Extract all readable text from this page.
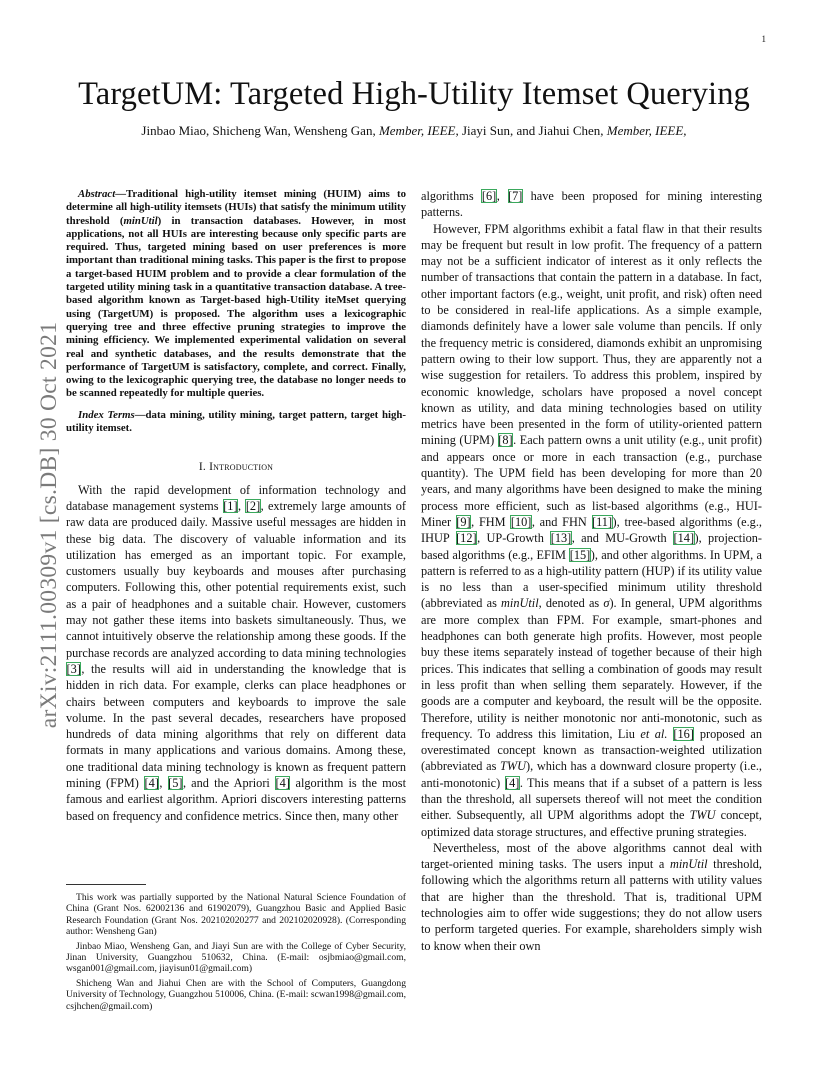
1
arXiv:2111.00309v1 [cs.DB] 30 Oct 2021
TargetUM: Targeted High-Utility Itemset Querying
Jinbao Miao, Shicheng Wan, Wensheng Gan, Member, IEEE, Jiayi Sun, and Jiahui Chen, Member, IEEE,

Abstract—Traditional high-utility itemset mining (HUIM) aims to determine all high-utility itemsets (HUIs) that satisfy the minimum utility threshold (minUtil) in transaction databases. However, in most applications, not all HUIs are interesting because only specific parts are required. Thus, targeted mining based on user preferences is more important than traditional mining tasks. This paper is the first to propose a target-based HUIM problem and to provide a clear formulation of the targeted utility mining task in a quantitative transaction database. A tree-based algorithm known as Target-based high-Utility iteMset querying using (TargetUM) is proposed. The algorithm uses a lexicographic querying tree and three effective pruning strategies to improve the mining efficiency. We implemented experimental validation on several real and synthetic databases, and the results demonstrate that the performance of TargetUM is satisfactory, complete, and correct. Finally, owing to the lexicographic querying tree, the database no longer needs to be scanned repeatedly for multiple queries.

Index Terms—data mining, utility mining, target pattern, target high-utility itemset.

I. Introduction

With the rapid development of information technology and database management systems [1], [2], extremely large amounts of raw data are produced daily. Massive useful messages are hidden in these big data. The discovery of valuable information and its utilization has emerged as an important topic. For example, customers usually buy keyboards and mouses after purchasing computers. Following this, other potential requirements exist, such as a pair of headphones and a suitable chair. However, customers may not gather these items into baskets simultaneously. Thus, we cannot intuitively observe the relationship among these goods. If the purchase records are analyzed according to data mining technologies [3], the results will aid in understanding the knowledge that is hidden in rich data. For example, clerks can place headphones or chairs between computers and keyboards to improve the sale volume. In the past several decades, researchers have proposed hundreds of data mining algorithms that rely on different data formats in many applications and various domains. Among these, one traditional data mining technology is known as frequent pattern mining (FPM) [4], [5], and the Apriori [4] algorithm is the most famous and earliest algorithm. Apriori discovers interesting patterns based on frequency and confidence metrics. Since then, many other

This work was partially supported by the National Natural Science Foundation of China (Grant Nos. 62002136 and 61902079), Guangzhou Basic and Applied Basic Research Foundation (Grant Nos. 202102020277 and 202102020928). (Corresponding author: Wensheng Gan)

Jinbao Miao, Wensheng Gan, and Jiayi Sun are with the College of Cyber Security, Jinan University, Guangzhou 510632, China. (E-mail: osjbmiao@gmail.com, wsgan001@gmail.com, jiayisun01@gmail.com)

Shicheng Wan and Jiahui Chen are with the School of Computers, Guangdong University of Technology, Guangzhou 510006, China. (E-mail: scwan1998@gmail.com, csjhchen@gmail.com)

algorithms [6], [7] have been proposed for mining interesting patterns.

However, FPM algorithms exhibit a fatal flaw in that their results may be frequent but result in low profit. The frequency of a pattern may not be a sufficient indicator of interest as it only reflects the number of transactions that contain the pattern in a database. In fact, other important factors (e.g., weight, unit profit, and risk) often need to be considered in real-life applications. As a simple example, diamonds definitely have a lower sale volume than pencils. If only the frequency metric is considered, diamonds exhibit an unpromising pattern owing to their low support. Thus, they are apparently not a wise suggestion for retailers. To address this problem, inspired by economic knowledge, scholars have proposed a novel concept known as utility, and data mining technologies based on utility metrics have been presented in the form of utility-oriented pattern mining (UPM) [8]. Each pattern owns a unit utility (e.g., unit profit) and appears once or more in each transaction (e.g., purchase quantity). The UPM field has been developing for more than 20 years, and many algorithms have been designed to make the mining process more efficient, such as list-based algorithms (e.g., HUI-Miner [9], FHM [10], and FHN [11]), tree-based algorithms (e.g., IHUP [12], UP-Growth [13], and MU-Growth [14]), projection-based algorithms (e.g., EFIM [15]), and other algorithms. In UPM, a pattern is referred to as a high-utility pattern (HUP) if its utility value is no less than a user-specified minimum utility threshold (abbreviated as minUtil, denoted as σ). In general, UPM algorithms are more complex than FPM. For example, smart-phones and headphones can both generate high profits. However, most people buy these items separately instead of together because of their high prices. This indicates that selling a combination of goods may result in less profit than when selling them separately. However, if the goods are a computer and keyboard, the result will be the opposite. Therefore, utility is neither monotonic nor anti-monotonic, such as frequency. To address this limitation, Liu et al. [16] proposed an overestimated concept known as transaction-weighted utilization (abbreviated as TWU), which has a downward closure property (i.e., anti-monotonic) [4]. This means that if a subset of a pattern is less than the threshold, all supersets thereof will not meet the condition either. Subsequently, all UPM algorithms adopt the TWU concept, optimized data storage structures, and effective pruning strategies.

Nevertheless, most of the above algorithms cannot deal with target-oriented mining tasks. The users input a minUtil threshold, following which the algorithms return all patterns with utility values that are higher than the threshold. That is, traditional UPM technologies aim to offer wide suggestions; they do not allow users to perform targeted queries. For example, shareholders simply wish to know when their own
